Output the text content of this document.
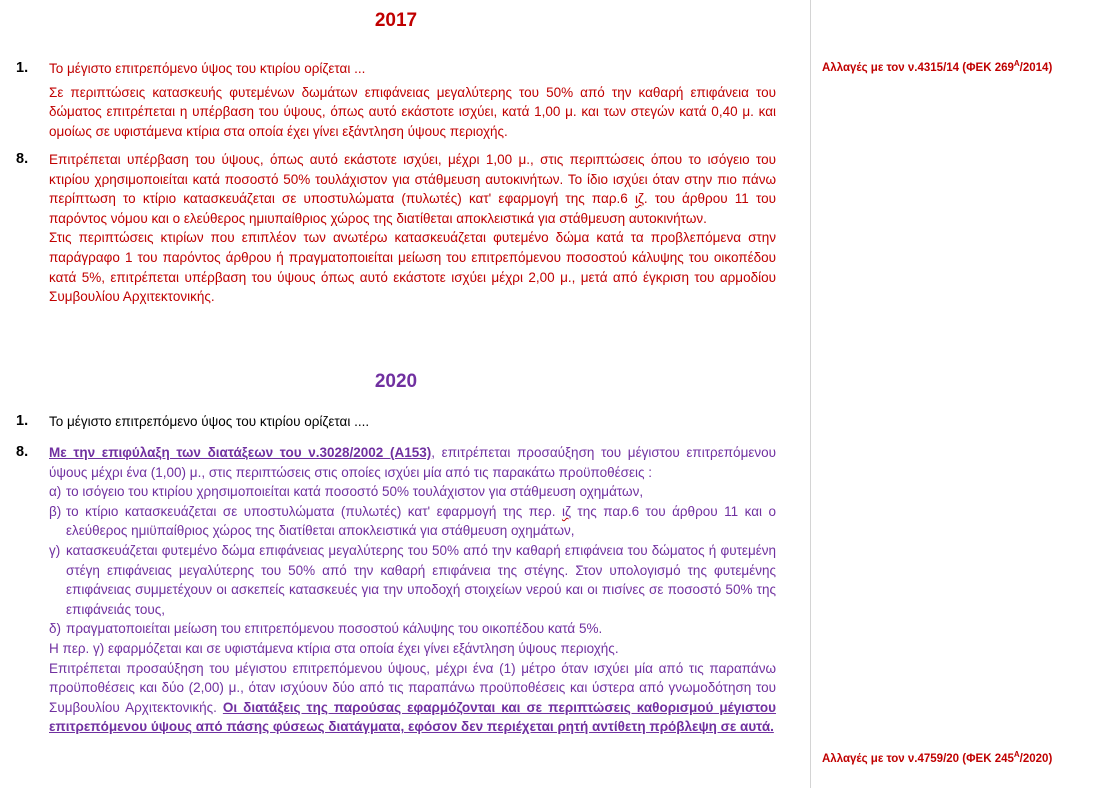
2017
1. Το μέγιστο επιτρεπόμενο ύψος του κτιρίου ορίζεται ...

Σε περιπτώσεις κατασκευής φυτεμένων δωμάτων επιφάνειας μεγαλύτερης του 50% από την καθαρή επιφάνεια του δώματος επιτρέπεται η υπέρβαση του ύψους, όπως αυτό εκάστοτε ισχύει, κατά 1,00 μ. και των στεγών κατά 0,40 μ. και ομοίως σε υφιστάμενα κτίρια στα οποία έχει γίνει εξάντληση ύψους περιοχής.

8. Επιτρέπεται υπέρβαση του ύψους, όπως αυτό εκάστοτε ισχύει, μέχρι 1,00 μ., στις περιπτώσεις όπου το ισόγειο του κτιρίου χρησιμοποιείται κατά ποσοστό 50% τουλάχιστον για στάθμευση αυτοκινήτων. Το ίδιο ισχύει όταν στην πιο πάνω περίπτωση το κτίριο κατασκευάζεται σε υποστυλώματα (πυλωτές) κατ' εφαρμογή της παρ.6 ιζ. του άρθρου 11 του παρόντος νόμου και ο ελεύθερος ημιυπαίθριος χώρος της διατίθεται αποκλειστικά για στάθμευση αυτοκινήτων.

Στις περιπτώσεις κτιρίων που επιπλέον των ανωτέρω κατασκευάζεται φυτεμένο δώμα κατά τα προβλεπόμενα στην παράγραφο 1 του παρόντος άρθρου ή πραγματοποιείται μείωση του επιτρεπόμενου ποσοστού κάλυψης του οικοπέδου κατά 5%, επιτρέπεται υπέρβαση του ύψους όπως αυτό εκάστοτε ισχύει μέχρι 2,00 μ., μετά από έγκριση του αρμοδίου Συμβουλίου Αρχιτεκτονικής.

2020
1. Το μέγιστο επιτρεπόμενο ύψος του κτιρίου ορίζεται ....

8. Με την επιφύλαξη των διατάξεων του ν.3028/2002 (Α153), επιτρέπεται προσαύξηση του μέγιστου επιτρεπόμενου ύψους μέχρι ένα (1,00) μ., στις περιπτώσεις στις οποίες ισχύει μία από τις παρακάτω προϋποθέσεις :

α) το ισόγειο του κτιρίου χρησιμοποιείται κατά ποσοστό 50% τουλάχιστον για στάθμευση οχημάτων,

β) το κτίριο κατασκευάζεται σε υποστυλώματα (πυλωτές) κατ' εφαρμογή της περ. ιζ της παρ.6 του άρθρου 11 και ο ελεύθερος ημιϋπαίθριος χώρος της διατίθεται αποκλειστικά για στάθμευση οχημάτων,

γ) κατασκευάζεται φυτεμένο δώμα επιφάνειας μεγαλύτερης του 50% από την καθαρή επιφάνεια του δώματος ή φυτεμένη στέγη επιφάνειας μεγαλύτερης του 50% από την καθαρή επιφάνεια της στέγης. Στον υπολογισμό της φυτεμένης επιφάνειας συμμετέχουν οι ασκεπείς κατασκευές για την υποδοχή στοιχείων νερού και οι πισίνες σε ποσοστό 50% της επιφάνειάς τους,

δ) πραγματοποιείται μείωση του επιτρεπόμενου ποσοστού κάλυψης του οικοπέδου κατά 5%.

Η περ. γ) εφαρμόζεται και σε υφιστάμενα κτίρια στα οποία έχει γίνει εξάντληση ύψους περιοχής.

Επιτρέπεται προσαύξηση του μέγιστου επιτρεπόμενου ύψους, μέχρι ένα (1) μέτρο όταν ισχύει μία από τις παραπάνω προϋποθέσεις και δύο (2,00) μ., όταν ισχύουν δύο από τις παραπάνω προϋποθέσεις και ύστερα από γνωμοδότηση του Συμβουλίου Αρχιτεκτονικής. Οι διατάξεις της παρούσας εφαρμόζονται και σε περιπτώσεις καθορισμού μέγιστου επιτρεπόμενου ύψους από πάσης φύσεως διατάγματα, εφόσον δεν περιέχεται ρητή αντίθετη πρόβλεψη σε αυτά.

Αλλαγές με τον ν.4315/14 (ΦΕΚ $269^A/2014$)
Αλλαγές με τον ν.4759/20 (ΦΕΚ $245^A/2020$)
